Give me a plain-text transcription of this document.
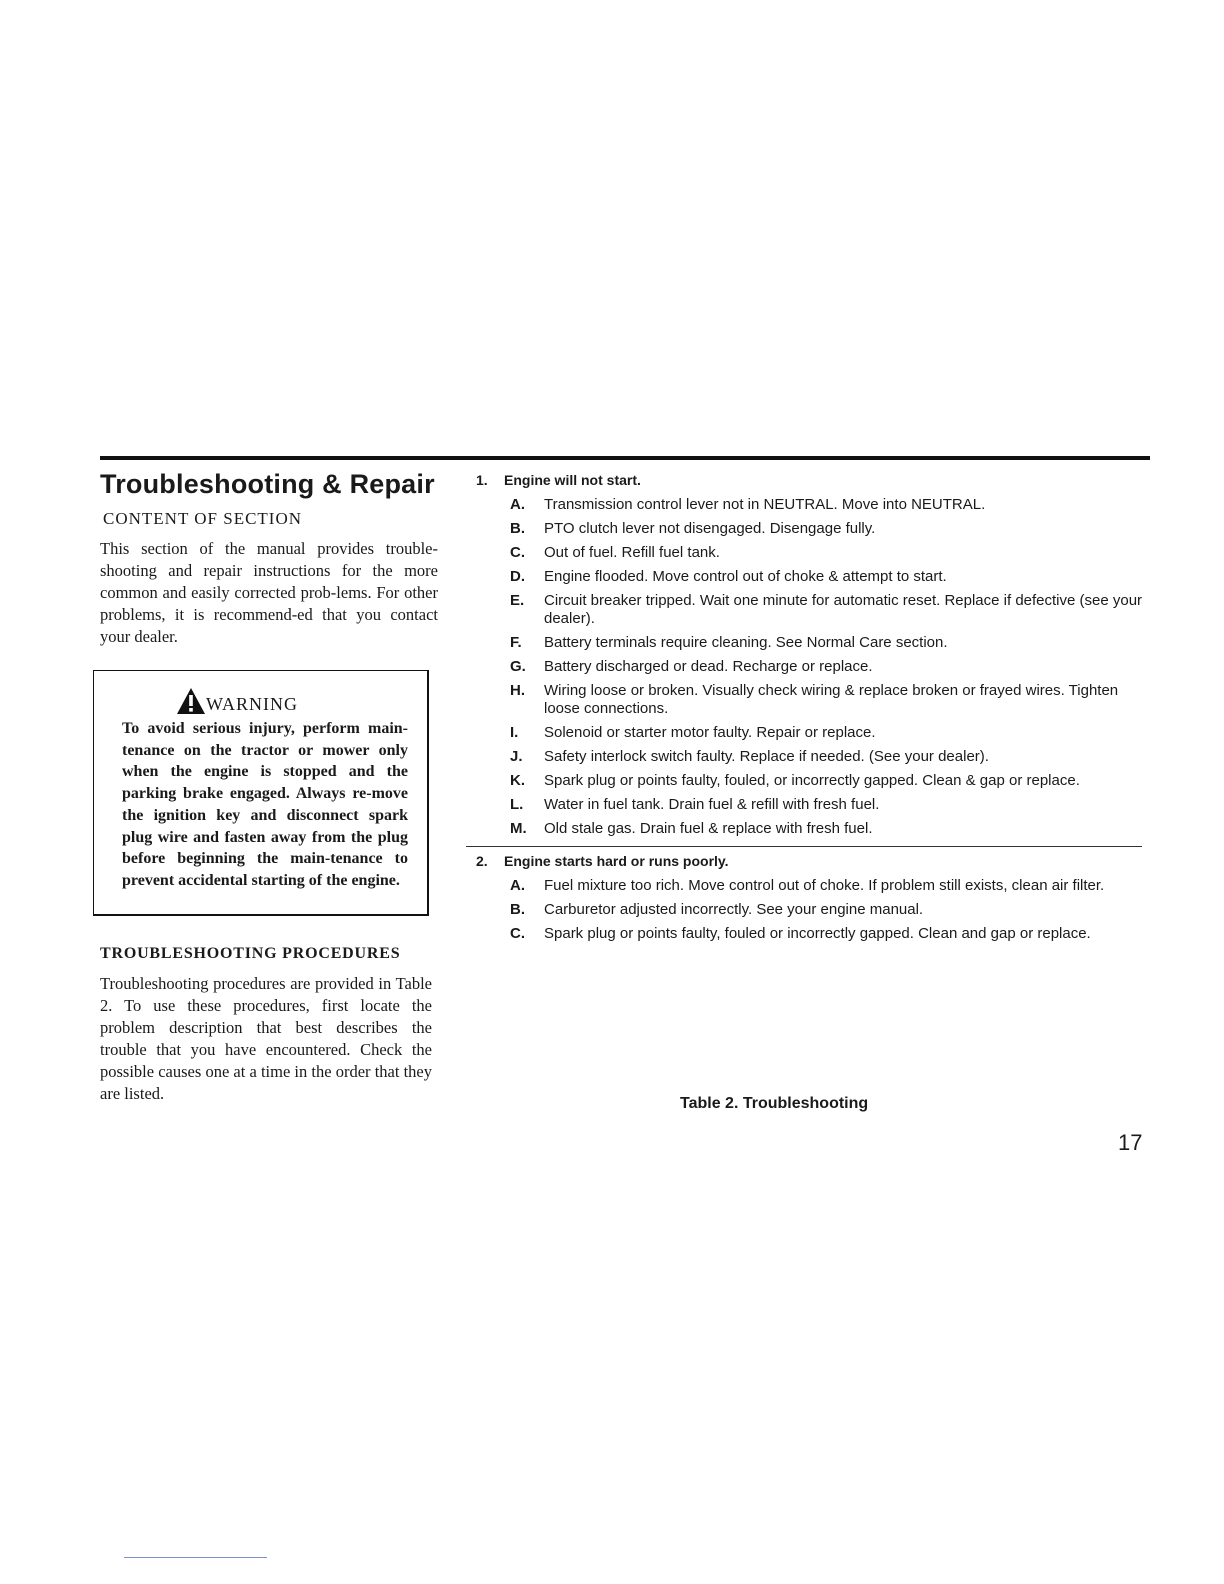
Troubleshooting & Repair
CONTENT OF SECTION

This section of the manual provides trouble-shooting and repair instructions for the more common and easily corrected prob-lems. For other problems, it is recommend-ed that you contact your dealer.

WARNING
To avoid serious injury, perform main-tenance on the tractor or mower only when the engine is stopped and the parking brake engaged. Always re-move the ignition key and disconnect spark plug wire and fasten away from the plug before beginning the main-tenance to prevent accidental starting of the engine.
TROUBLESHOOTING PROCEDURES
Troubleshooting procedures are provided in Table 2. To use these procedures, first locate the problem description that best describes the trouble that you have encountered. Check the possible causes one at a time in the order that they are listed.
1.	Engine will not start.
A.	Transmission control lever not in NEUTRAL. Move into NEUTRAL.
B.	PTO clutch lever not disengaged. Disengage fully.
C.	Out of fuel. Refill fuel tank.
D.	Engine flooded. Move control out of choke & attempt to start.
E.	Circuit breaker tripped. Wait one minute for automatic reset. Replace if defective (see your dealer).
F.	Battery terminals require cleaning. See Normal Care section.
G.	Battery discharged or dead. Recharge or replace.
H.	Wiring loose or broken. Visually check wiring & replace broken or frayed wires. Tighten loose connections.
I.	Solenoid or starter motor faulty. Repair or replace.
J.	Safety interlock switch faulty. Replace if needed. (See your dealer).
K.	Spark plug or points faulty, fouled, or incorrectly gapped. Clean & gap or replace.
L.	Water in fuel tank. Drain fuel & refill with fresh fuel.
M.	Old stale gas. Drain fuel & replace with fresh fuel.
2.	Engine starts hard or runs poorly.
A.	Fuel mixture too rich. Move control out of choke. If problem still exists, clean air filter.
B.	Carburetor adjusted incorrectly. See your engine manual.
C.	Spark plug or points faulty, fouled or incorrectly gapped. Clean and gap or replace.
Table 2. Troubleshooting
17
